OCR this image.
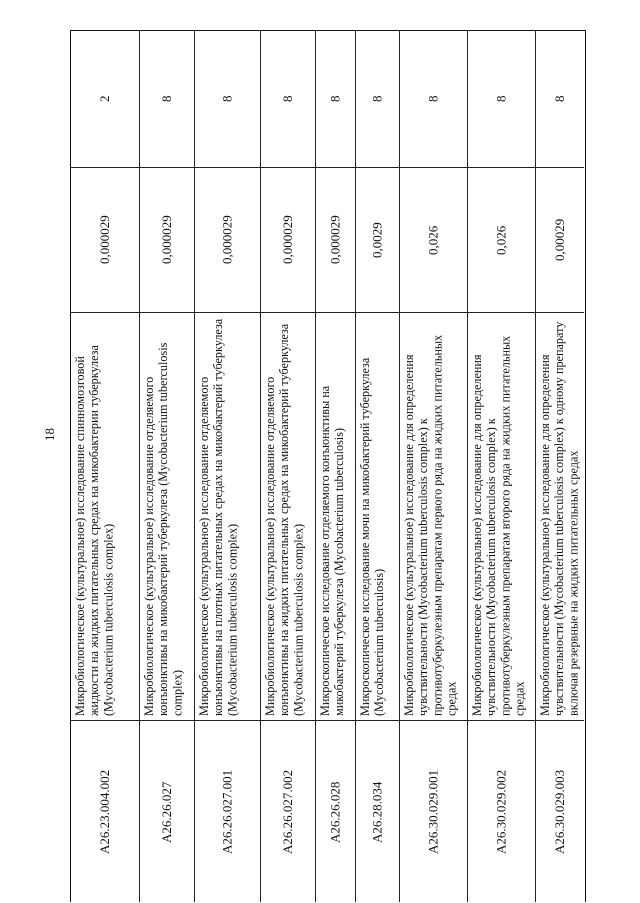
18
2
0,000029
Микробиологическое (культуральное) исследование спинномозговой жидкости на жидких питательных средах на микобактерии туберкулеза (Mycobacterium tuberculosis complex)
A26.23.004.002
8
0,000029
Микробиологическое (культуральное) исследование отделяемого конъюнктивы на микобактерий туберкулеза (Mycobacterium tuberculosis complex)
A26.26.027
8
0,000029
Микробиологическое (культуральное) исследование отделяемого конъюнктивы на плотных питательных средах на микобактерий туберкулеза (Mycobacterium tuberculosis complex)
A26.26.027.001
8
0,000029
Микробиологическое (культуральное) исследование отделяемого конъюнктивы на жидких питательных средах на микобактерий туберкулеза (Mycobacterium tuberculosis complex)
A26.26.027.002
8
0,000029
Микроскопическое исследование отделяемого конъюнктивы на микобактерий туберкулеза (Mycobacterium tuberculosis)
A26.26.028
8
0,0029
Микроскопическое исследование мочи на микобактерий туберкулеза (Mycobacterium tuberculosis)
A26.28.034
8
0,026
Микробиологическое (культуральное) исследование для определения чувствительности (Mycobacterium tuberculosis complex) к противотуберкулезным препаратам первого ряда на жидких питательных средах
A26.30.029.001
8
0,026
Микробиологическое (культуральное) исследование для определения чувствительности (Mycobacterium tuberculosis complex) к противотуберкулезным препаратам второго ряда на жидких питательных средах
A26.30.029.002
8
0,00029
Микробиологическое (культуральное) исследование для определения чувствительности (Mycobacterium tuberculosis complex) к одному препарату включая резервные на жидких питательных средах
A26.30.029.003
